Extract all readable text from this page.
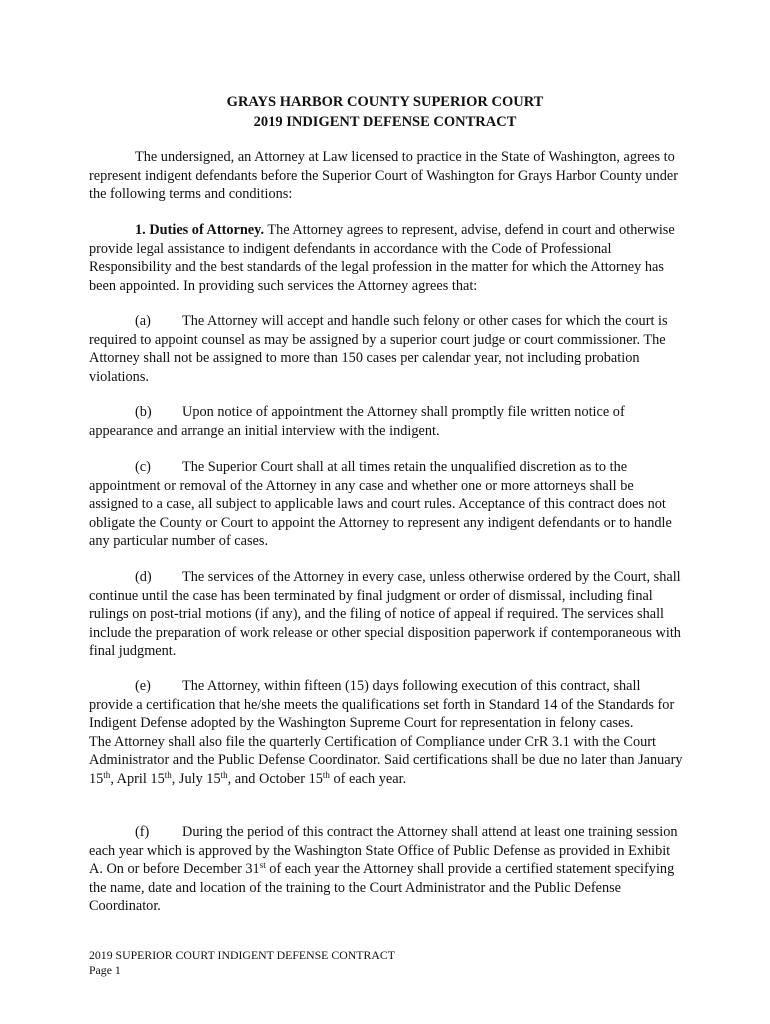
GRAYS HARBOR COUNTY SUPERIOR COURT
2019 INDIGENT DEFENSE CONTRACT
The undersigned, an Attorney at Law licensed to practice in the State of Washington, agrees to represent indigent defendants before the Superior Court of Washington for Grays Harbor County under the following terms and conditions:
1. Duties of Attorney. The Attorney agrees to represent, advise, defend in court and otherwise provide legal assistance to indigent defendants in accordance with the Code of Professional Responsibility and the best standards of the legal profession in the matter for which the Attorney has been appointed. In providing such services the Attorney agrees that:
(a) The Attorney will accept and handle such felony or other cases for which the court is required to appoint counsel as may be assigned by a superior court judge or court commissioner. The Attorney shall not be assigned to more than 150 cases per calendar year, not including probation violations.
(b) Upon notice of appointment the Attorney shall promptly file written notice of appearance and arrange an initial interview with the indigent.
(c) The Superior Court shall at all times retain the unqualified discretion as to the appointment or removal of the Attorney in any case and whether one or more attorneys shall be assigned to a case, all subject to applicable laws and court rules. Acceptance of this contract does not obligate the County or Court to appoint the Attorney to represent any indigent defendants or to handle any particular number of cases.
(d) The services of the Attorney in every case, unless otherwise ordered by the Court, shall continue until the case has been terminated by final judgment or order of dismissal, including final rulings on post-trial motions (if any), and the filing of notice of appeal if required. The services shall include the preparation of work release or other special disposition paperwork if contemporaneous with final judgment.
(e) The Attorney, within fifteen (15) days following execution of this contract, shall provide a certification that he/she meets the qualifications set forth in Standard 14 of the Standards for Indigent Defense adopted by the Washington Supreme Court for representation in felony cases.
The Attorney shall also file the quarterly Certification of Compliance under CrR 3.1 with the Court Administrator and the Public Defense Coordinator. Said certifications shall be due no later than January 15th, April 15th, July 15th, and October 15th of each year.
(f) During the period of this contract the Attorney shall attend at least one training session each year which is approved by the Washington State Office of Public Defense as provided in Exhibit A. On or before December 31st of each year the Attorney shall provide a certified statement specifying the name, date and location of the training to the Court Administrator and the Public Defense Coordinator.
2019 SUPERIOR COURT INDIGENT DEFENSE CONTRACT
Page 1
